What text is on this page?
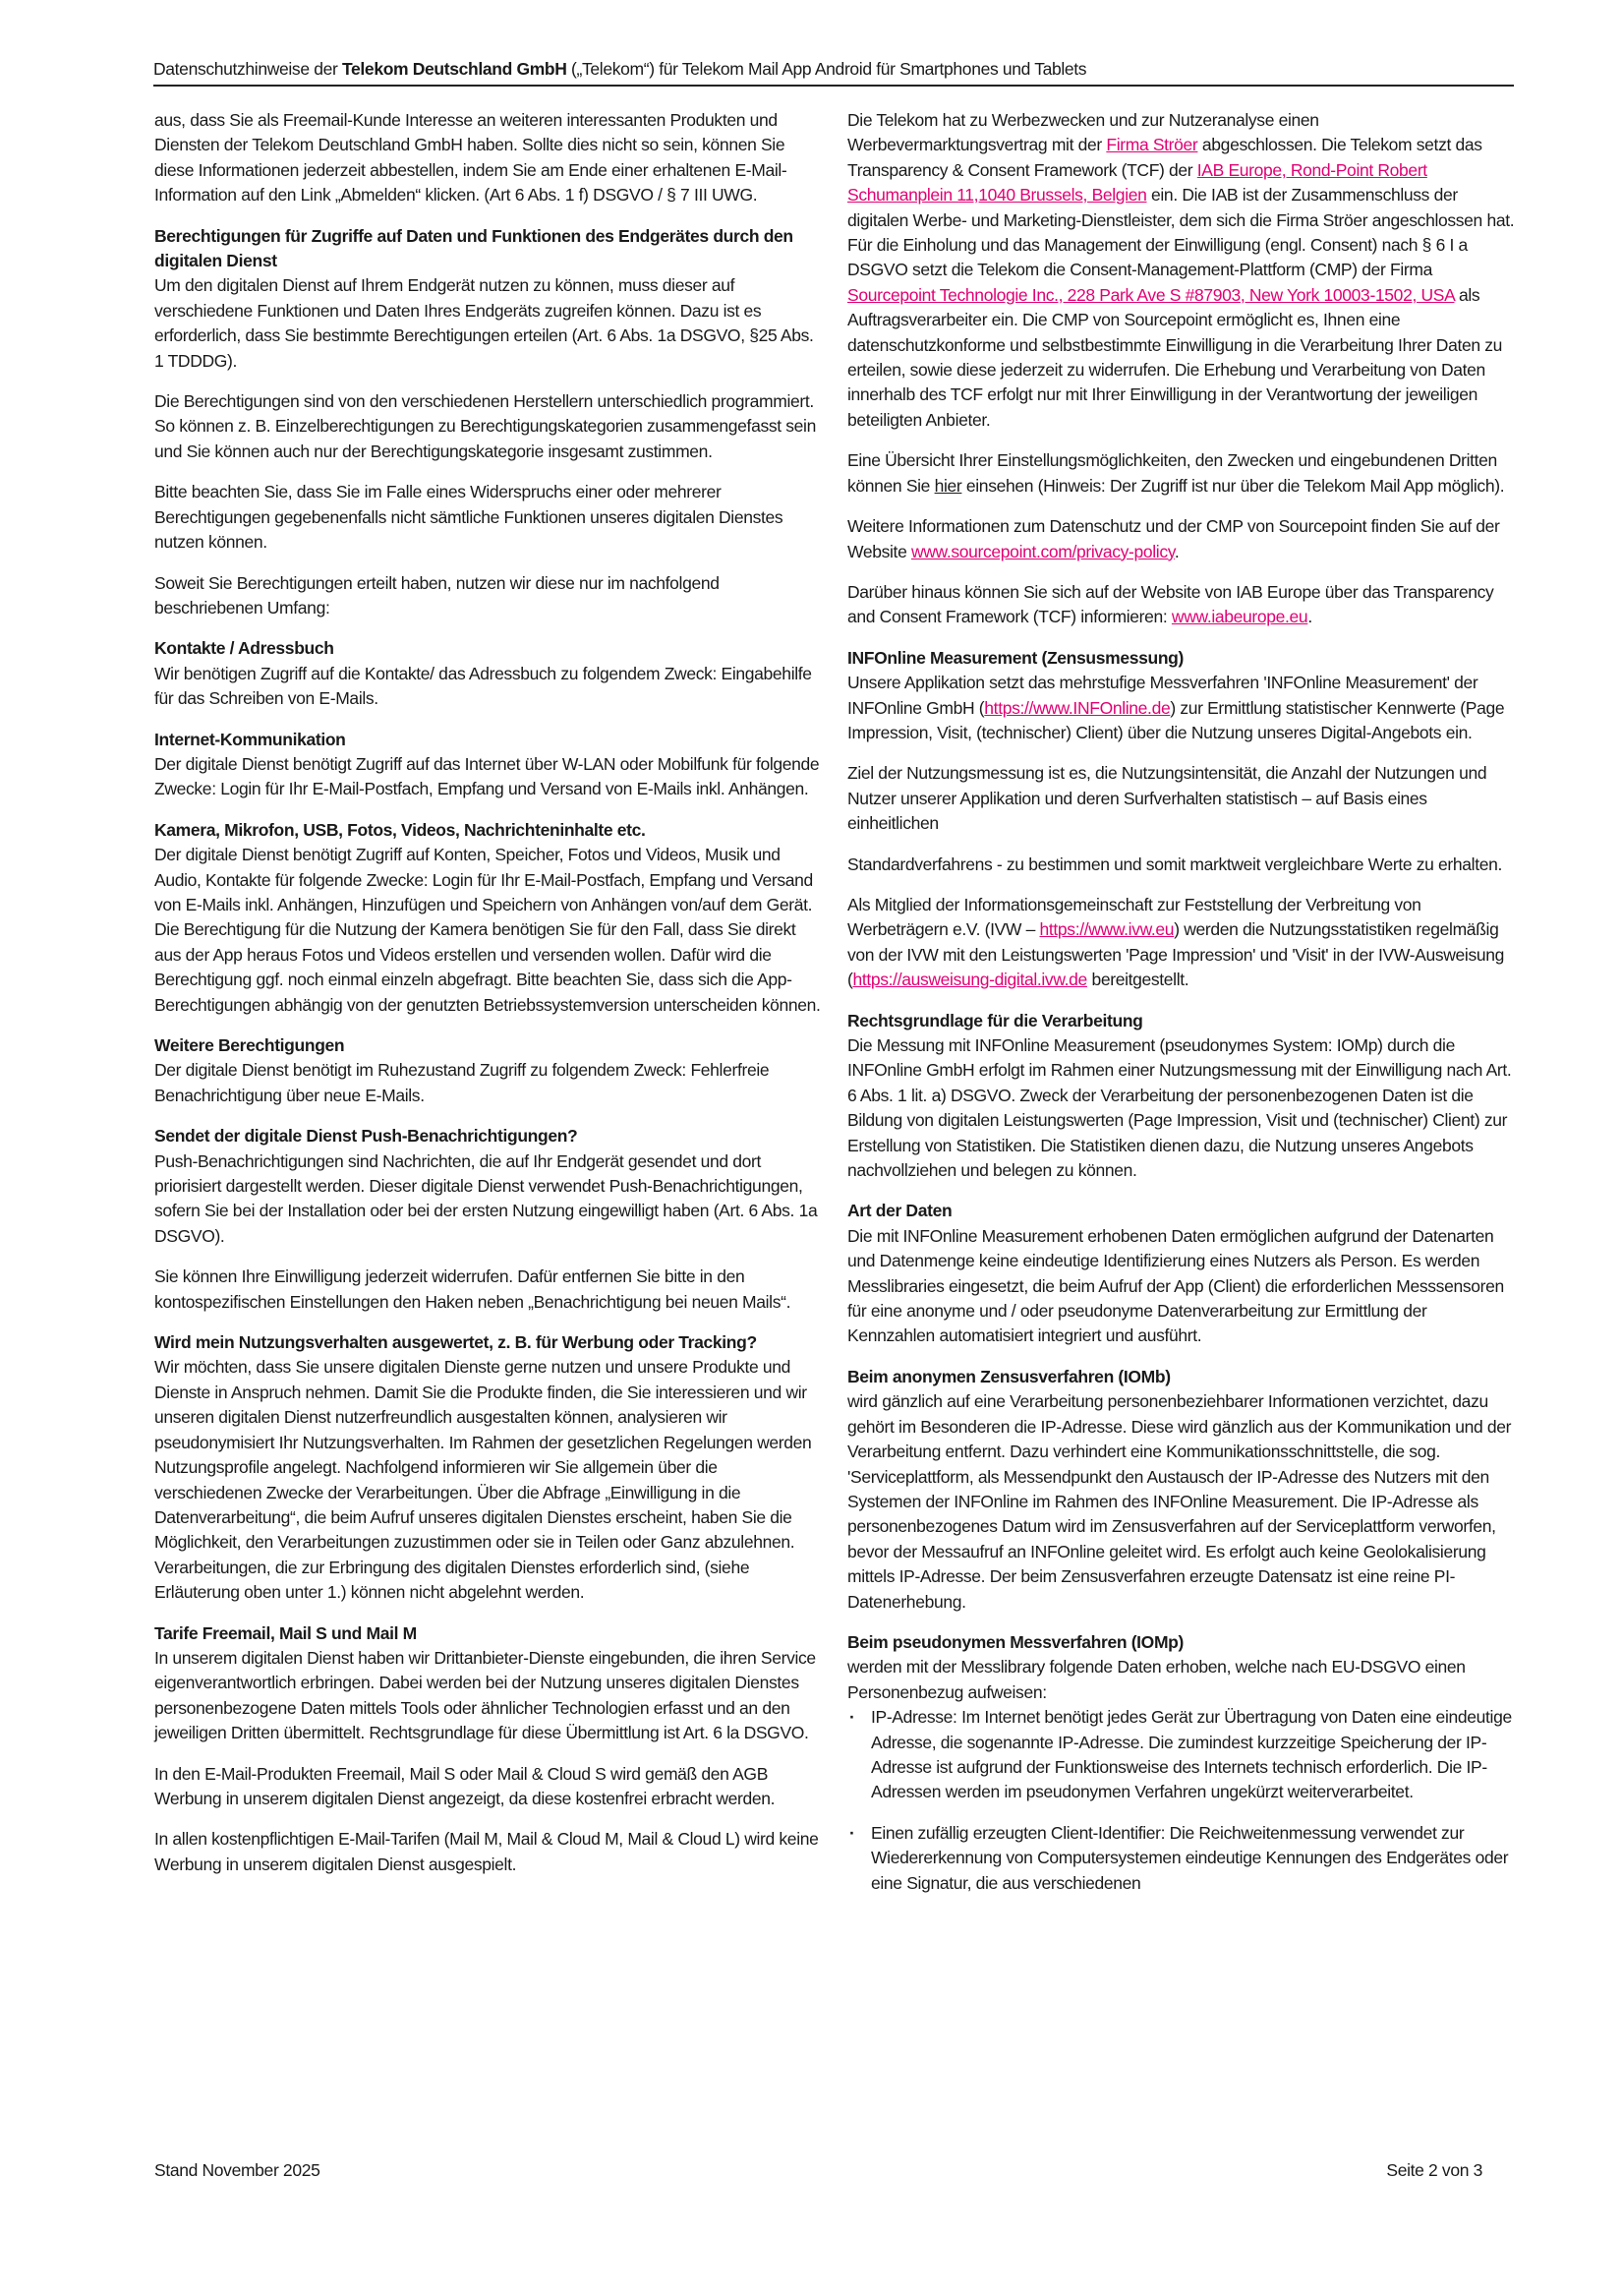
Datenschutzhinweise der Telekom Deutschland GmbH („Telekom“) für Telekom Mail App Android für Smartphones und Tablets

aus, dass Sie als Freemail-Kunde Interesse an weiteren interessanten Produkten und Diensten der Telekom Deutschland GmbH haben. Sollte dies nicht so sein, können Sie diese Informationen jederzeit abbestellen, indem Sie am Ende einer erhaltenen E-Mail-Information auf den Link „Abmelden“ klicken. (Art 6 Abs. 1 f) DSGVO / § 7 III UWG.

Berechtigungen für Zugriffe auf Daten und Funktionen des Endgerätes durch den digitalen Dienst

Um den digitalen Dienst auf Ihrem Endgerät nutzen zu können, muss dieser auf verschiedene Funktionen und Daten Ihres Endgeräts zugreifen können. Dazu ist es erforderlich, dass Sie bestimmte Berechtigungen erteilen (Art. 6 Abs. 1a DSGVO, §25 Abs. 1 TDDDG).

Die Berechtigungen sind von den verschiedenen Herstellern unterschiedlich programmiert. So können z. B. Einzelberechtigungen zu Berechtigungskategorien zusammengefasst sein und Sie können auch nur der Berechtigungskategorie insgesamt zustimmen.

Bitte beachten Sie, dass Sie im Falle eines Widerspruchs einer oder mehrerer Berechtigungen gegebenenfalls nicht sämtliche Funktionen unseres digitalen Dienstes nutzen können.

Soweit Sie Berechtigungen erteilt haben, nutzen wir diese nur im nachfolgend beschriebenen Umfang:

Kontakte / Adressbuch

Wir benötigen Zugriff auf die Kontakte/ das Adressbuch zu folgendem Zweck: Eingabehilfe für das Schreiben von E-Mails.

Internet-Kommunikation

Der digitale Dienst benötigt Zugriff auf das Internet über W-LAN oder Mobilfunk für folgende Zwecke: Login für Ihr E-Mail-Postfach, Empfang und Versand von E-Mails inkl. Anhängen.

Kamera, Mikrofon, USB, Fotos, Videos, Nachrichteninhalte etc.

Der digitale Dienst benötigt Zugriff auf Konten, Speicher, Fotos und Videos, Musik und Audio, Kontakte für folgende Zwecke: Login für Ihr E-Mail-Postfach, Empfang und Versand von E-Mails inkl. Anhängen, Hinzufügen und Speichern von Anhängen von/auf dem Gerät. Die Berechtigung für die Nutzung der Kamera benötigen Sie für den Fall, dass Sie direkt aus der App heraus Fotos und Videos erstellen und versenden wollen. Dafür wird die Berechtigung ggf. noch einmal einzeln abgefragt. Bitte beachten Sie, dass sich die App-Berechtigungen abhängig von der genutzten Betriebssystemversion unterscheiden können.

Weitere Berechtigungen

Der digitale Dienst benötigt im Ruhezustand Zugriff zu folgendem Zweck: Fehlerfreie Benachrichtigung über neue E-Mails.

Sendet der digitale Dienst Push-Benachrichtigungen?

Push-Benachrichtigungen sind Nachrichten, die auf Ihr Endgerät gesendet und dort priorisiert dargestellt werden. Dieser digitale Dienst verwendet Push-Benachrichtigungen, sofern Sie bei der Installation oder bei der ersten Nutzung eingewilligt haben (Art. 6 Abs. 1a DSGVO).

Sie können Ihre Einwilligung jederzeit widerrufen. Dafür entfernen Sie bitte in den kontospezifischen Einstellungen den Haken neben „Benachrichtigung bei neuen Mails“.

Wird mein Nutzungsverhalten ausgewertet, z. B. für Werbung oder Tracking?

Wir möchten, dass Sie unsere digitalen Dienste gerne nutzen und unsere Produkte und Dienste in Anspruch nehmen. Damit Sie die Produkte finden, die Sie interessieren und wir unseren digitalen Dienst nutzerfreundlich ausgestalten können, analysieren wir pseudonymisiert Ihr Nutzungsverhalten. Im Rahmen der gesetzlichen Regelungen werden Nutzungsprofile angelegt. Nachfolgend informieren wir Sie allgemein über die verschiedenen Zwecke der Verarbeitungen. Über die Abfrage „Einwilligung in die Datenverarbeitung“, die beim Aufruf unseres digitalen Dienstes erscheint, haben Sie die Möglichkeit, den Verarbeitungen zuzustimmen oder sie in Teilen oder Ganz abzulehnen. Verarbeitungen, die zur Erbringung des digitalen Dienstes erforderlich sind, (siehe Erläuterung oben unter 1.) können nicht abgelehnt werden.

Tarife Freemail, Mail S und Mail M

In unserem digitalen Dienst haben wir Drittanbieter-Dienste eingebunden, die ihren Service eigenverantwortlich erbringen. Dabei werden bei der Nutzung unseres digitalen Dienstes personenbezogene Daten mittels Tools oder ähnlicher Technologien erfasst und an den jeweiligen Dritten übermittelt. Rechtsgrundlage für diese Übermittlung ist Art. 6 la DSGVO.

In den E-Mail-Produkten Freemail, Mail S oder Mail & Cloud S wird gemäß den AGB Werbung in unserem digitalen Dienst angezeigt, da diese kostenfrei erbracht werden.

In allen kostenpflichtigen E-Mail-Tarifen (Mail M, Mail & Cloud M, Mail & Cloud L) wird keine Werbung in unserem digitalen Dienst ausgespielt.

Die Telekom hat zu Werbezwecken und zur Nutzeranalyse einen Werbevermarktungsvertrag mit der Firma Ströer abgeschlossen. Die Telekom setzt das Transparency & Consent Framework (TCF) der IAB Europe, Rond-Point Robert Schumanplein 11,1040 Brussels, Belgien ein. Die IAB ist der Zusammenschluss der digitalen Werbe- und Marketing-Dienstleister, dem sich die Firma Ströer angeschlossen hat. Für die Einholung und das Management der Einwilligung (engl. Consent) nach § 6 I a DSGVO setzt die Telekom die Consent-Management-Plattform (CMP) der Firma Sourcepoint Technologie Inc., 228 Park Ave S #87903, New York 10003-1502, USA als Auftragsverarbeiter ein. Die CMP von Sourcepoint ermöglicht es, Ihnen eine datenschutzkonforme und selbstbestimmte Einwilligung in die Verarbeitung Ihrer Daten zu erteilen, sowie diese jederzeit zu widerrufen. Die Erhebung und Verarbeitung von Daten innerhalb des TCF erfolgt nur mit Ihrer Einwilligung in der Verantwortung der jeweiligen beteiligten Anbieter.

Eine Übersicht Ihrer Einstellungsmöglichkeiten, den Zwecken und eingebundenen Dritten können Sie hier einsehen (Hinweis: Der Zugriff ist nur über die Telekom Mail App möglich).

Weitere Informationen zum Datenschutz und der CMP von Sourcepoint finden Sie auf der Website www.sourcepoint.com/privacy-policy.

Darüber hinaus können Sie sich auf der Website von IAB Europe über das Transparency and Consent Framework (TCF) informieren: www.iabeurope.eu.

INFOnline Measurement (Zensusmessung)

Unsere Applikation setzt das mehrstufige Messverfahren 'INFOnline Measurement' der INFOnline GmbH (https://www.INFOnline.de) zur Ermittlung statistischer Kennwerte (Page Impression, Visit, (technischer) Client) über die Nutzung unseres Digital-Angebots ein.

Ziel der Nutzungsmessung ist es, die Nutzungsintensität, die Anzahl der Nutzungen und Nutzer unserer Applikation und deren Surfverhalten statistisch – auf Basis eines einheitlichen

Standardverfahrens - zu bestimmen und somit marktweit vergleichbare Werte zu erhalten.

Als Mitglied der Informationsgemeinschaft zur Feststellung der Verbreitung von Werbeträgern e.V. (IVW – https://www.ivw.eu) werden die Nutzungsstatistiken regelmäßig von der IVW mit den Leistungswerten 'Page Impression' und 'Visit' in der IVW-Ausweisung (https://ausweisung-digital.ivw.de bereitgestellt.

Rechtsgrundlage für die Verarbeitung

Die Messung mit INFOnline Measurement (pseudonymes System: IOMp) durch die INFOnline GmbH erfolgt im Rahmen einer Nutzungsmessung mit der Einwilligung nach Art. 6 Abs. 1 lit. a) DSGVO. Zweck der Verarbeitung der personenbezogenen Daten ist die Bildung von digitalen Leistungswerten (Page Impression, Visit und (technischer) Client) zur Erstellung von Statistiken. Die Statistiken dienen dazu, die Nutzung unseres Angebots nachvollziehen und belegen zu können.

Art der Daten

Die mit INFOnline Measurement erhobenen Daten ermöglichen aufgrund der Datenarten und Datenmenge keine eindeutige Identifizierung eines Nutzers als Person. Es werden Messlibraries eingesetzt, die beim Aufruf der App (Client) die erforderlichen Messsensoren für eine anonyme und / oder pseudonyme Datenverarbeitung zur Ermittlung der Kennzahlen automatisiert integriert und ausführt.

Beim anonymen Zensusverfahren (IOMb)

wird gänzlich auf eine Verarbeitung personenbeziehbarer Informationen verzichtet, dazu gehört im Besonderen die IP-Adresse. Diese wird gänzlich aus der Kommunikation und der Verarbeitung entfernt. Dazu verhindert eine Kommunikationsschnittstelle, die sog. 'Serviceplattform, als Messendpunkt den Austausch der IP-Adresse des Nutzers mit den Systemen der INFOnline im Rahmen des INFOnline Measurement. Die IP-Adresse als personenbezogenes Datum wird im Zensusverfahren auf der Serviceplattform verworfen, bevor der Messaufruf an INFOnline geleitet wird. Es erfolgt auch keine Geolokalisierung mittels IP-Adresse. Der beim Zensusverfahren erzeugte Datensatz ist eine reine PI-Datenerhebung.

Beim pseudonymen Messverfahren (IOMp)

werden mit der Messlibrary folgende Daten erhoben, welche nach EU-DSGVO einen Personenbezug aufweisen:

· IP-Adresse: Im Internet benötigt jedes Gerät zur Übertragung von Daten eine eindeutige Adresse, die sogenannte IP-Adresse. Die zumindest kurzzeitige Speicherung der IP-Adresse ist aufgrund der Funktionsweise des Internets technisch erforderlich. Die IP-Adressen werden im pseudonymen Verfahren ungekürzt weiterverarbeitet.
· Einen zufällig erzeugten Client-Identifier: Die Reichweitenmessung verwendet zur Wiedererkennung von Computersystemen eindeutige Kennungen des Endgerätes oder eine Signatur, die aus verschiedenen
Stand November 2025	Seite 2 von 3
